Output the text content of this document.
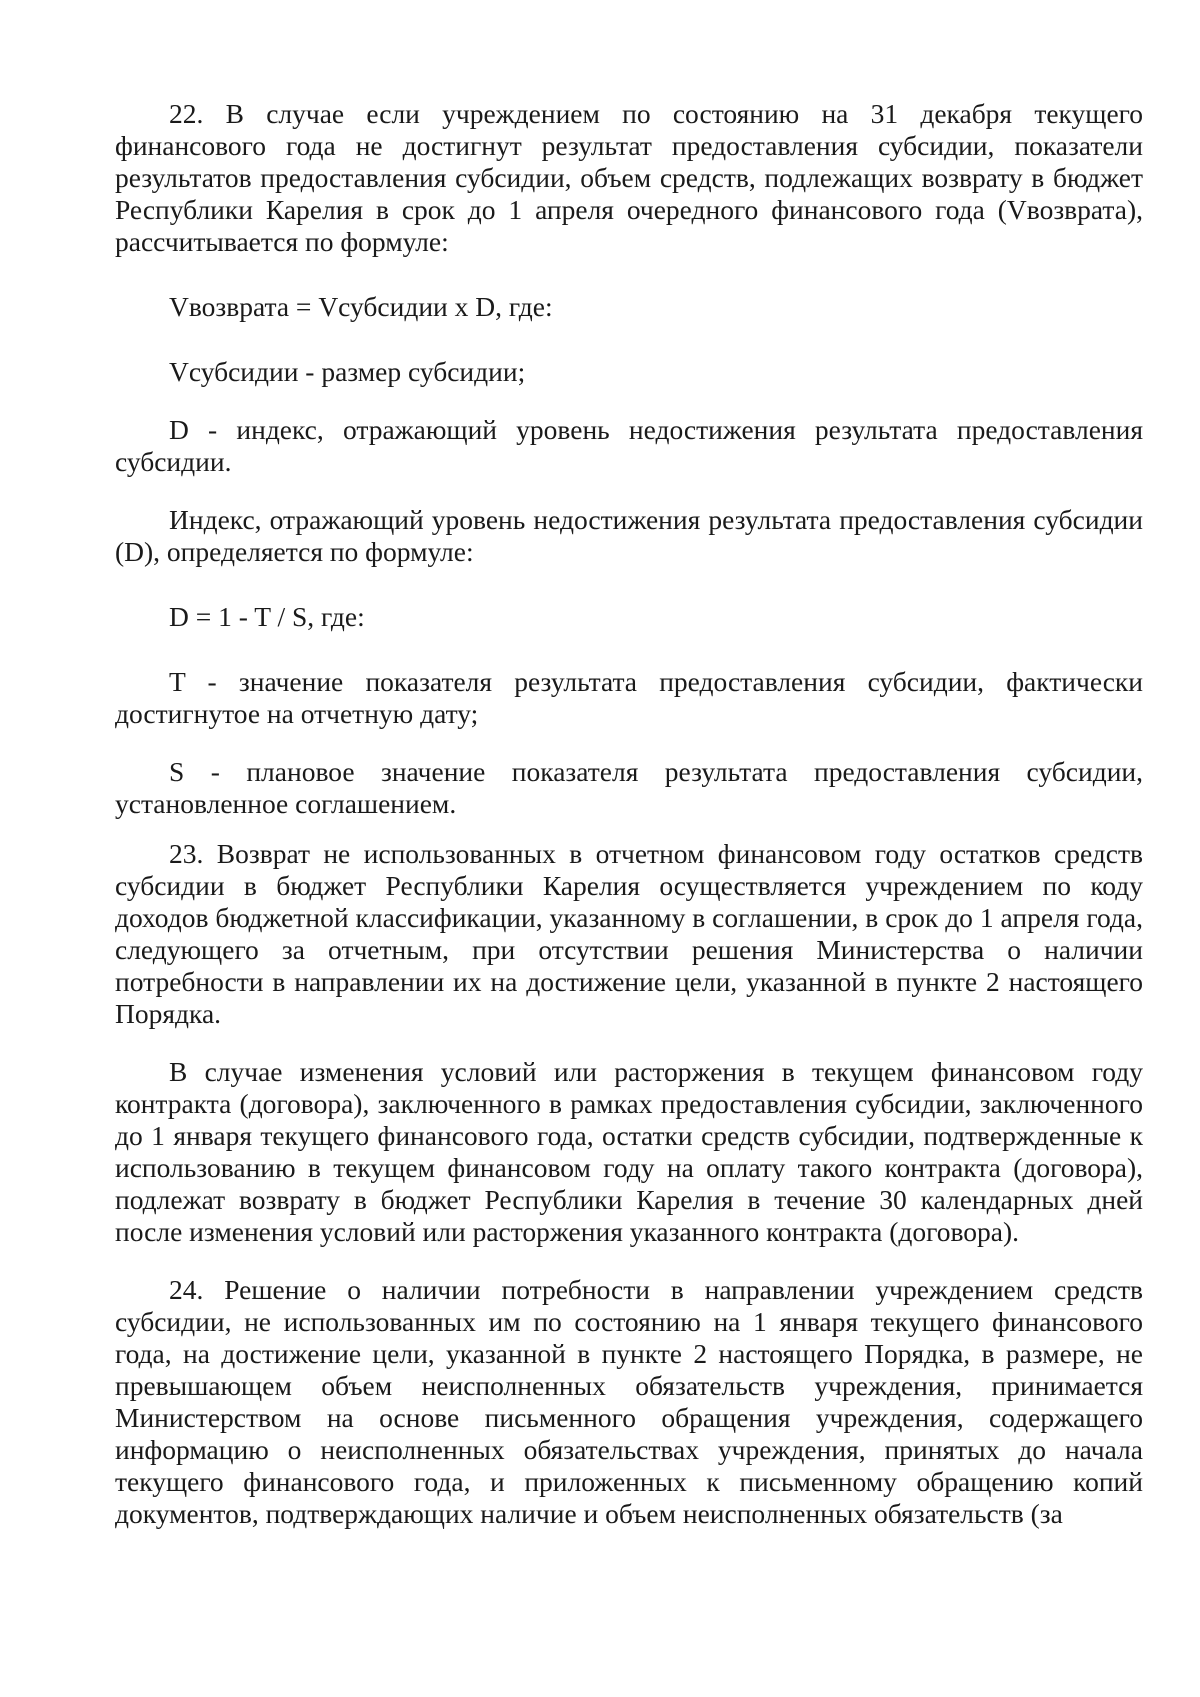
22. В случае если учреждением по состоянию на 31 декабря текущего финансового года не достигнут результат предоставления субсидии, показатели результатов предоставления субсидии, объем средств, подлежащих возврату в бюджет Республики Карелия в срок до 1 апреля очередного финансового года (Vвозврата), рассчитывается по формуле:

Vвозврата = Vсубсидии x D, где:

Vсубсидии - размер субсидии;

D - индекс, отражающий уровень недостижения результата предоставления субсидии.

Индекс, отражающий уровень недостижения результата предоставления субсидии (D), определяется по формуле:

D = 1 - T / S, где:

T - значение показателя результата предоставления субсидии, фактически достигнутое на отчетную дату;

S - плановое значение показателя результата предоставления субсидии, установленное соглашением.

23. Возврат не использованных в отчетном финансовом году остатков средств субсидии в бюджет Республики Карелия осуществляется учреждением по коду доходов бюджетной классификации, указанному в соглашении, в срок до 1 апреля года, следующего за отчетным, при отсутствии решения Министерства о наличии потребности в направлении их на достижение цели, указанной в пункте 2 настоящего Порядка.

В случае изменения условий или расторжения в текущем финансовом году контракта (договора), заключенного в рамках предоставления субсидии, заключенного до 1 января текущего финансового года, остатки средств субсидии, подтвержденные к использованию в текущем финансовом году на оплату такого контракта (договора), подлежат возврату в бюджет Республики Карелия в течение 30 календарных дней после изменения условий или расторжения указанного контракта (договора).

24. Решение о наличии потребности в направлении учреждением средств субсидии, не использованных им по состоянию на 1 января текущего финансового года, на достижение цели, указанной в пункте 2 настоящего Порядка, в размере, не превышающем объем неисполненных обязательств учреждения, принимается Министерством на основе письменного обращения учреждения, содержащего информацию о неисполненных обязательствах учреждения, принятых до начала текущего финансового года, и приложенных к письменному обращению копий документов, подтверждающих наличие и объем неисполненных обязательств (за
